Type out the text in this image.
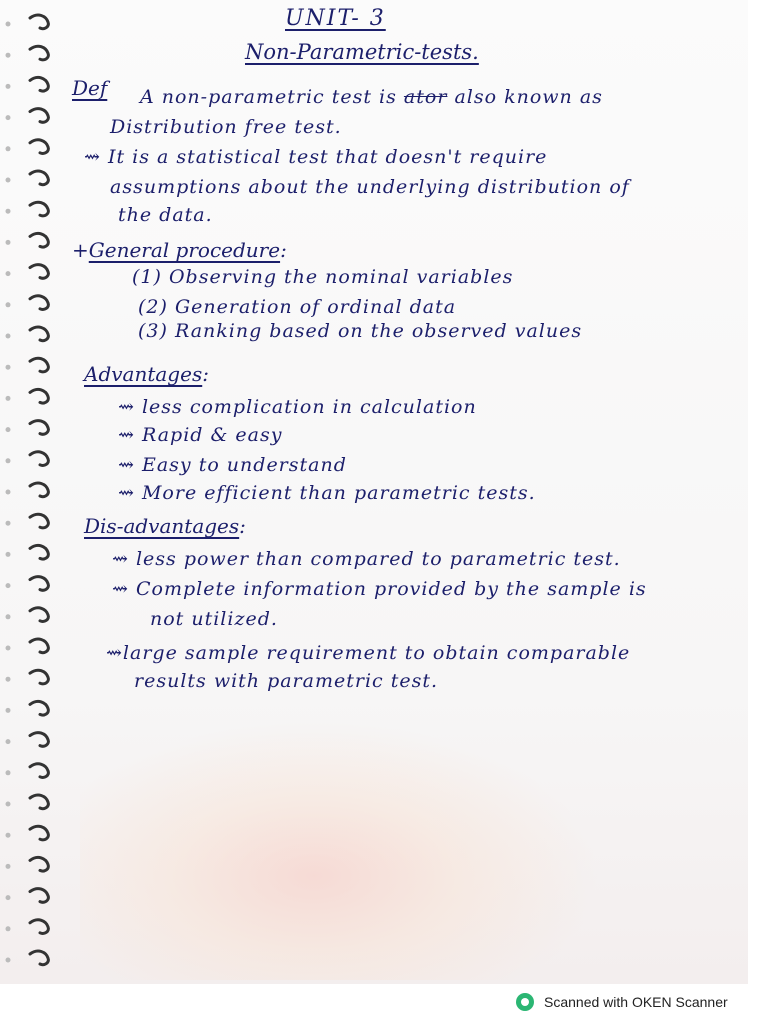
UNIT- 3
Non-Parametric-tests.
Def A non-parametric test is ator also known as
Distribution free test.
⇝ It is a statistical test that doesn't require
assumptions about the underlying distribution of
the data.
+General procedure:
(1) Observing the nominal variables
(2) Generation of ordinal data
(3) Ranking based on the observed values
Advantages:
⇝ less complication in calculation
⇝ Rapid & easy
⇝ Easy to understand
⇝ More efficient than parametric tests.
Dis-advantages:
⇝ less power than compared to parametric test.
⇝ Complete information provided by the sample is
not utilized.
⇝large sample requirement to obtain comparable
results with parametric test.
Scanned with OKEN Scanner
